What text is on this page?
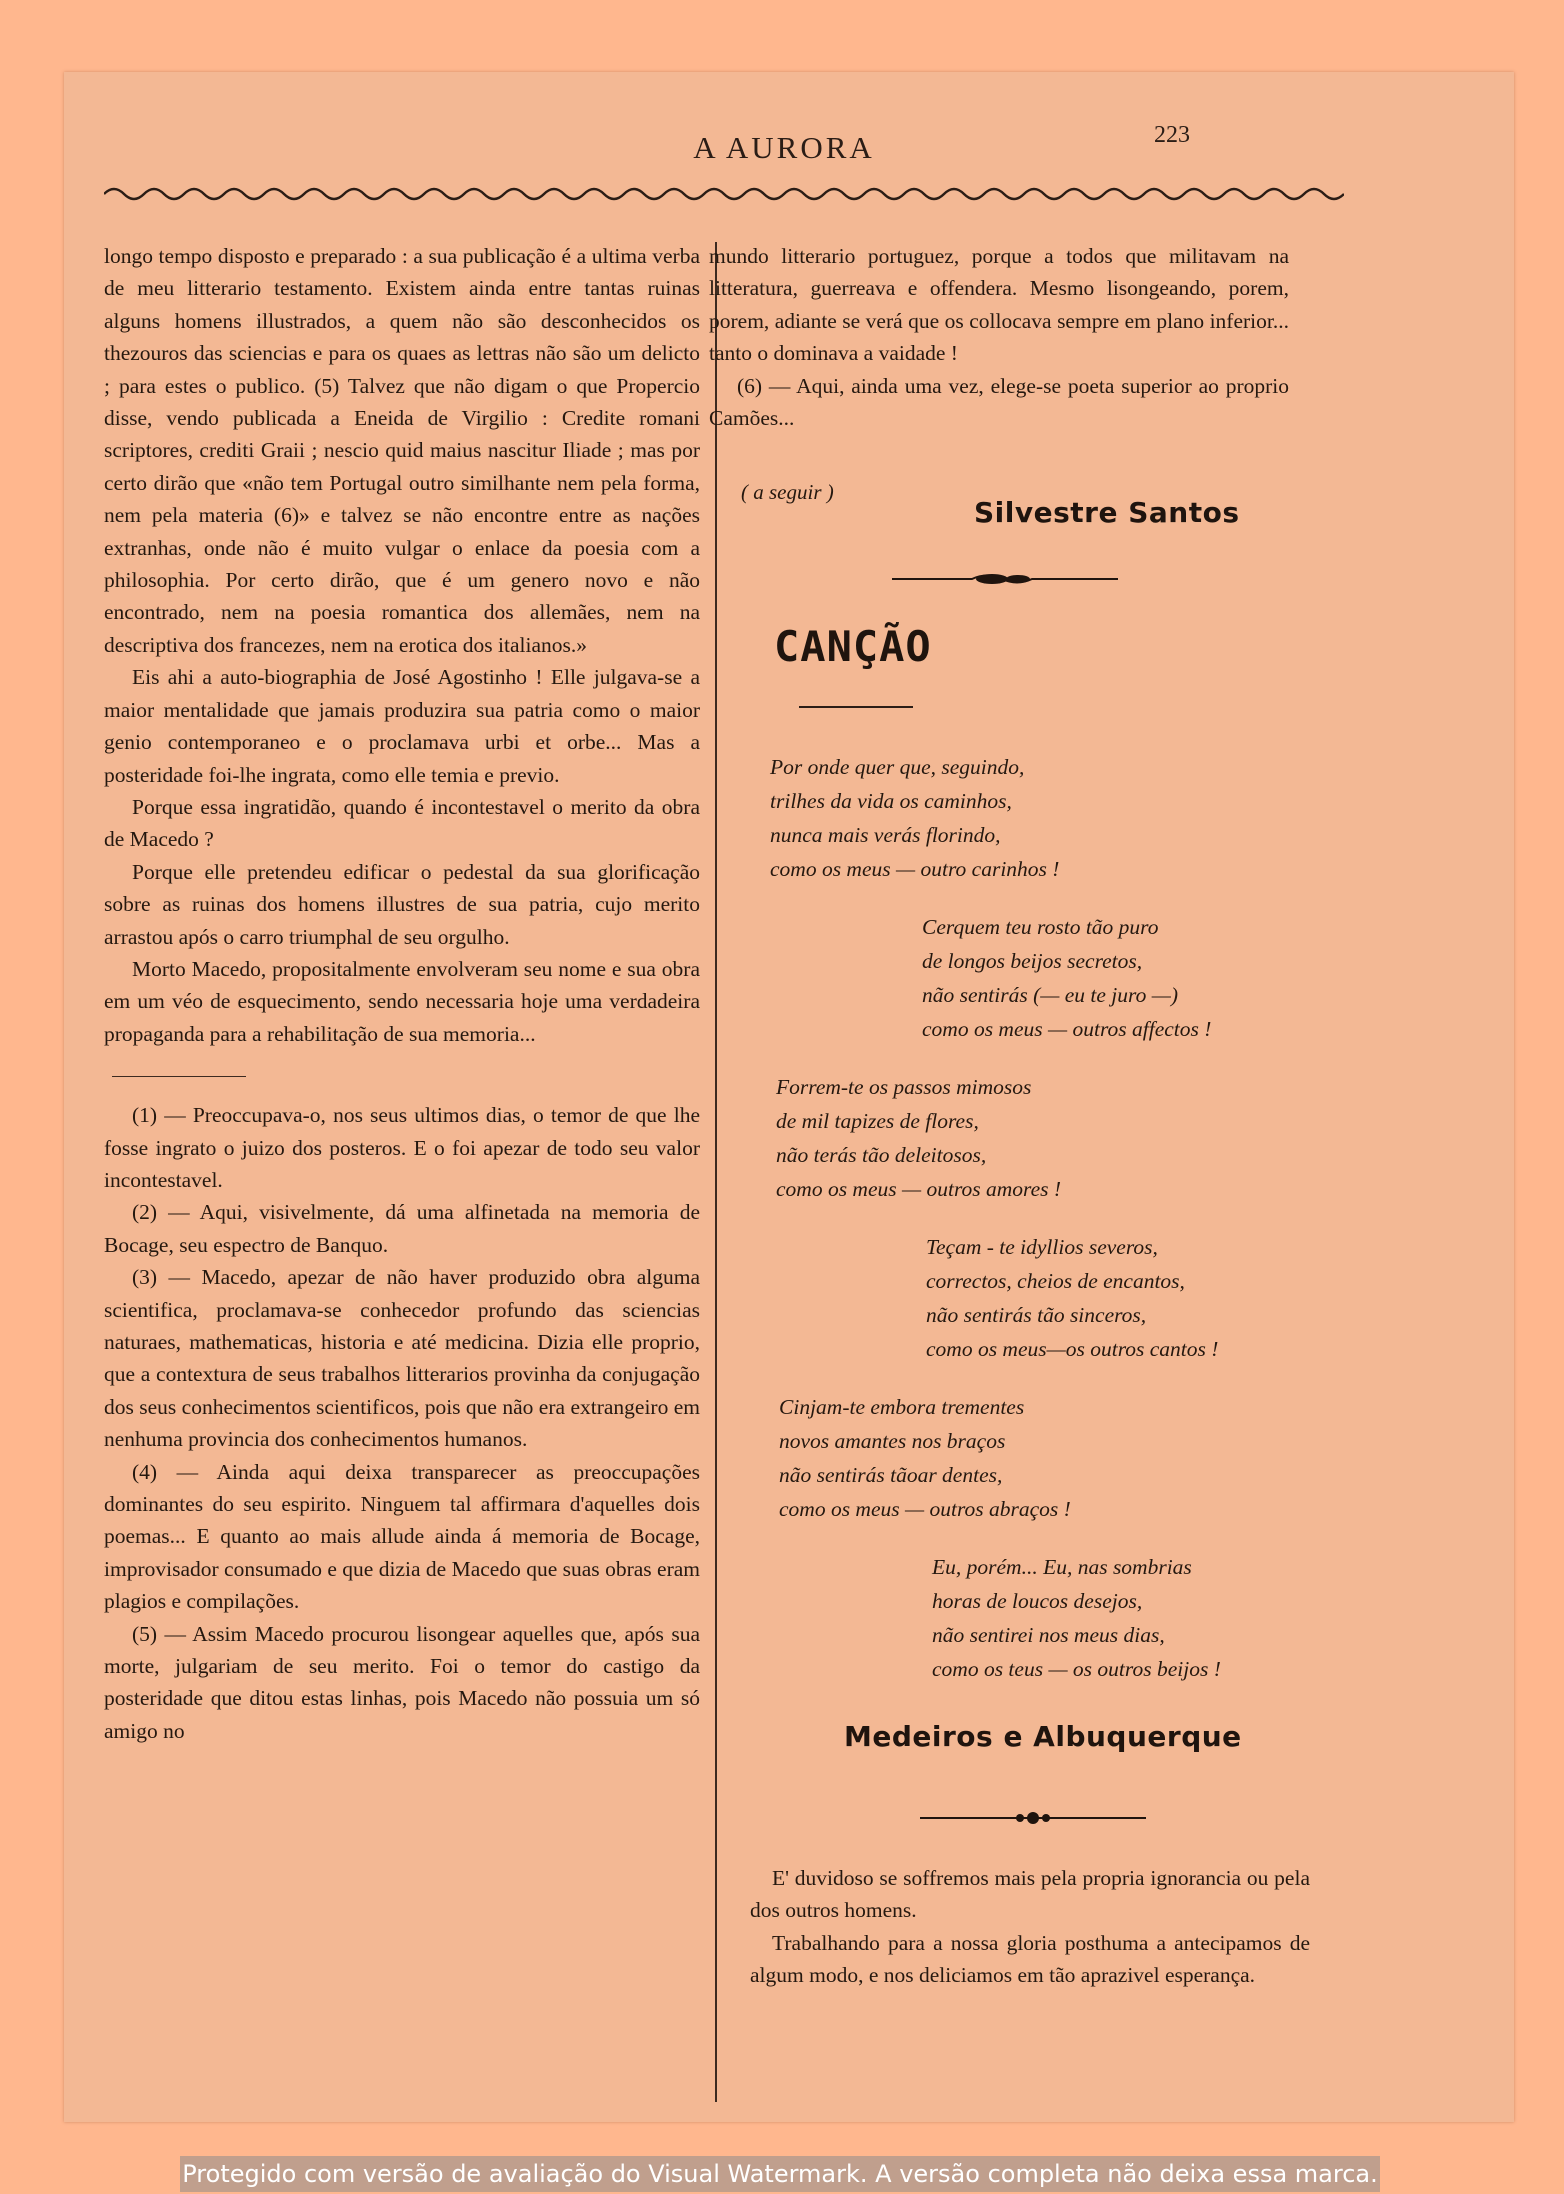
A AURORA	223

longo tempo disposto e preparado : a sua publicação é a ultima verba de meu litterario testamento. Existem ainda entre tantas ruinas alguns homens illustrados, a quem não são desconhecidos os thezouros das sciencias e para os quaes as lettras não são um delicto ; para estes o publico. (5) Talvez que não digam o que Propercio disse, vendo publicada a Eneida de Virgilio : Credite romani scriptores, crediti Graii ; nescio quid maius nascitur Iliade ; mas por certo dirão que «não tem Portugal outro similhante nem pela forma, nem pela materia (6)» e talvez se não encontre entre as nações extranhas, onde não é muito vulgar o enlace da poesia com a philosophia. Por certo dirão, que é um genero novo e não encontrado, nem na poesia romantica dos allemães, nem na descriptiva dos francezes, nem na erotica dos italianos.»

Eis ahi a auto-biographia de José Agostinho ! Elle julgava-se a maior mentalidade que jamais produzira sua patria como o maior genio contemporaneo e o proclamava urbi et orbe... Mas a posteridade foi-lhe ingrata, como elle temia e previo.

Porque essa ingratidão, quando é incontestavel o merito da obra de Macedo ?

Porque elle pretendeu edificar o pedestal da sua glorificação sobre as ruinas dos homens illustres de sua patria, cujo merito arrastou após o carro triumphal de seu orgulho.

Morto Macedo, propositalmente envolveram seu nome e sua obra em um véo de esquecimento, sendo necessaria hoje uma verdadeira propaganda para a rehabilitação de sua memoria...

(1) — Preoccupava-o, nos seus ultimos dias, o temor de que lhe fosse ingrato o juizo dos posteros. E o foi apezar de todo seu valor incontestavel.

(2) — Aqui, visivelmente, dá uma alfinetada na memoria de Bocage, seu espectro de Banquo.

(3) — Macedo, apezar de não haver produzido obra alguma scientifica, proclamava-se conhecedor profundo das sciencias naturaes, mathematicas, historia e até medicina. Dizia elle proprio, que a contextura de seus trabalhos litterarios provinha da conjugação dos seus conhecimentos scientificos, pois que não era extrangeiro em nenhuma provincia dos conhecimentos humanos.

(4) — Ainda aqui deixa transparecer as preoccupações dominantes do seu espirito. Ninguem tal affirmara d'aquelles dois poemas... E quanto ao mais allude ainda á memoria de Bocage, improvisador consumado e que dizia de Macedo que suas obras eram plagios e compilações.

(5) — Assim Macedo procurou lisongear aquelles que, após sua morte, julgariam de seu merito. Foi o temor do castigo da posteridade que ditou estas linhas, pois Macedo não possuia um só amigo no

mundo litterario portuguez, porque a todos que militavam na litteratura, guerreava e offendera. Mesmo lisongeando, porem, porem, adiante se verá que os collocava sempre em plano inferior... tanto o dominava a vaidade !

(6) — Aqui, ainda uma vez, elege-se poeta superior ao proprio Camões...

( a seguir )
Silvestre Santos
CANÇÃO
Por onde quer que, seguindo,
trilhes da vida os caminhos,
nunca mais verás florindo,
como os meus — outro carinhos !
Cerquem teu rosto tão puro
de longos beijos secretos,
não sentirás (— eu te juro —)
como os meus — outros affectos !
Forrem-te os passos mimosos
de mil tapizes de flores,
não terás tão deleitosos,
como os meus — outros amores !
Teçam - te idyllios severos,
correctos, cheios de encantos,
não sentirás tão sinceros,
como os meus—os outros cantos !
Cinjam-te embora trementes
novos amantes nos braços
não sentirás tãoar dentes,
como os meus — outros abraços !
Eu, porém... Eu, nas sombrias
horas de loucos desejos,
não sentirei nos meus dias,
como os teus — os outros beijos !
Medeiros e Albuquerque

E' duvidoso se soffremos mais pela propria ignorancia ou pela dos outros homens.

Trabalhando para a nossa gloria posthuma a antecipamos de algum modo, e nos deliciamos em tão aprazivel esperança.

Protegido com versão de avaliação do Visual Watermark. A versão completa não deixa essa marca.
